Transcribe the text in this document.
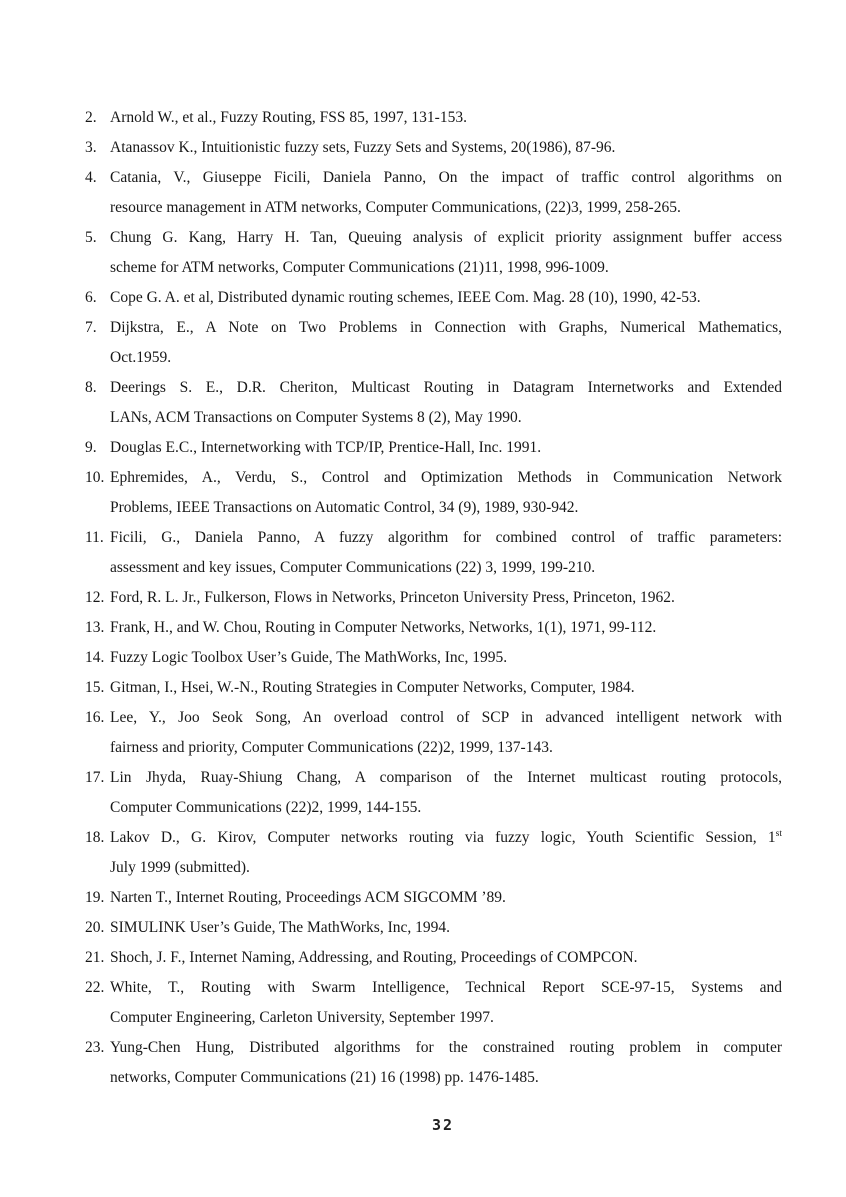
2. Arnold W., et al., Fuzzy Routing, FSS 85, 1997, 131-153.
3. Atanassov K., Intuitionistic fuzzy sets, Fuzzy Sets and Systems, 20(1986), 87-96.
4. Catania, V., Giuseppe Ficili, Daniela Panno, On the impact of traffic control algorithms on
resource management in ATM networks, Computer Communications, (22)3, 1999, 258-265.
5. Chung G. Kang, Harry H. Tan, Queuing analysis of explicit priority assignment buffer access
scheme for ATM networks, Computer Communications (21)11, 1998, 996-1009.
6. Cope G. A. et al, Distributed dynamic routing schemes, IEEE Com. Mag. 28 (10), 1990, 42-53.
7. Dijkstra, E., A Note on Two Problems in Connection with Graphs, Numerical Mathematics,
Oct.1959.
8. Deerings S. E., D.R. Cheriton, Multicast Routing in Datagram Internetworks and Extended
LANs, ACM Transactions on Computer Systems 8 (2), May 1990.
9. Douglas E.C., Internetworking with TCP/IP, Prentice-Hall, Inc. 1991.
10. Ephremides, A., Verdu, S., Control and Optimization Methods in Communication Network
Problems, IEEE Transactions on Automatic Control, 34 (9), 1989, 930-942.
11. Ficili, G., Daniela Panno, A fuzzy algorithm for combined control of traffic parameters:
assessment and key issues, Computer Communications (22) 3, 1999, 199-210.
12. Ford, R. L. Jr., Fulkerson, Flows in Networks, Princeton University Press, Princeton, 1962.
13. Frank, H., and W. Chou, Routing in Computer Networks, Networks, 1(1), 1971, 99-112.
14. Fuzzy Logic Toolbox User’s Guide, The MathWorks, Inc, 1995.
15. Gitman, I., Hsei, W.-N., Routing Strategies in Computer Networks, Computer, 1984.
16. Lee, Y., Joo Seok Song, An overload control of SCP in advanced intelligent network with
fairness and priority, Computer Communications (22)2, 1999, 137-143.
17. Lin Jhyda, Ruay-Shiung Chang, A comparison of the Internet multicast routing protocols,
Computer Communications (22)2, 1999, 144-155.
18. Lakov D., G. Kirov, Computer networks routing via fuzzy logic, Youth Scientific Session, 1st
July 1999 (submitted).
19. Narten T., Internet Routing, Proceedings ACM SIGCOMM ’89.
20. SIMULINK User’s Guide, The MathWorks, Inc, 1994.
21. Shoch, J. F., Internet Naming, Addressing, and Routing, Proceedings of COMPCON.
22. White, T., Routing with Swarm Intelligence, Technical Report SCE-97-15, Systems and
Computer Engineering, Carleton University, September 1997.
23. Yung-Chen Hung, Distributed algorithms for the constrained routing problem in computer
networks, Computer Communications (21) 16 (1998) pp. 1476-1485.
32
